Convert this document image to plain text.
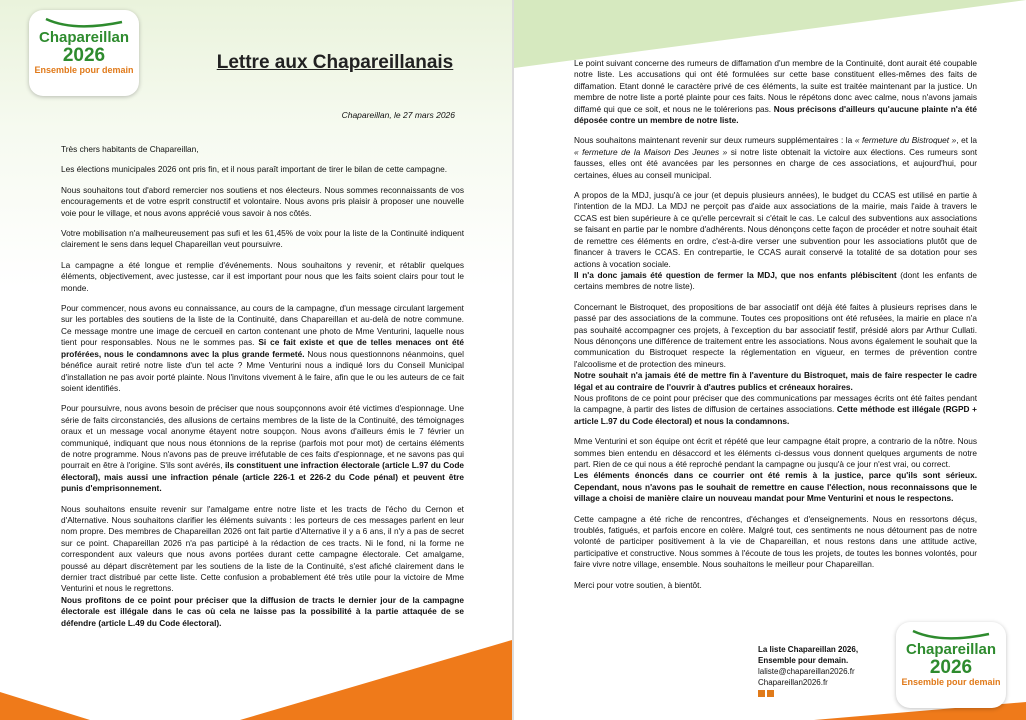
Chapareillan
2026
Ensemble pour demain	Lettre aux Chapareillanais
Chapareillan, le 27 mars 2026

Très chers habitants de Chapareillan,

Les élections municipales 2026 ont pris fin, et il nous paraît important de tirer le bilan de cette campagne.

Nous souhaitons tout d'abord remercier nos soutiens et nos électeurs. Nous sommes reconnaissants de vos encouragements et de votre esprit constructif et volontaire. Nous avons pris plaisir à proposer une nouvelle voie pour le village, et nous avons apprécié vous savoir à nos côtés.

Votre mobilisation n'a malheureusement pas sufi et les 61,45% de voix pour la liste de la Continuité indiquent clairement le sens dans lequel Chapareillan veut poursuivre.

La campagne a été longue et remplie d'événements. Nous souhaitons y revenir, et rétablir quelques éléments, objectivement, avec justesse, car il est important pour nous que les faits soient clairs pour tout le monde.

Pour commencer, nous avons eu connaissance, au cours de la campagne, d'un message circulant largement sur les portables des soutiens de la liste de la Continuité, dans Chapareillan et au-delà de notre commune. Ce message montre une image de cercueil en carton contenant une photo de Mme Venturini, laquelle nous tient pour responsables. Nous ne le sommes pas. Si ce fait existe et que de telles menaces ont été proférées, nous le condamnons avec la plus grande fermeté. Nous nous questionnons néanmoins, quel bénéfice aurait retiré notre liste d'un tel acte ? Mme Venturini nous a indiqué lors du Conseil Municipal d'installation ne pas avoir porté plainte. Nous l'invitons vivement à le faire, afin que le ou les auteurs de ce fait soient identifiés.

Pour poursuivre, nous avons besoin de préciser que nous soupçonnons avoir été victimes d'espionnage. Une série de faits circonstanciés, des allusions de certains membres de la liste de la Continuité, des témoignages oraux et un message vocal anonyme étayent notre soupçon. Nous avons d'ailleurs émis le 7 février un communiqué, indiquant que nous nous étonnions de la reprise (parfois mot pour mot) de certains éléments de notre programme. Nous n'avons pas de preuve irréfutable de ces faits d'espionnage, et ne savons pas qui pourrait en être à l'origine. S'ils sont avérés, ils constituent une infraction électorale (article L.97 du Code électoral), mais aussi une infraction pénale (article 226-1 et 226-2 du Code pénal) et peuvent être punis d'emprisonnement.

Nous souhaitons ensuite revenir sur l'amalgame entre notre liste et les tracts de l'écho du Cernon et d'Alternative. Nous souhaitons clarifier les éléments suivants : les porteurs de ces messages parlent en leur nom propre. Des membres de Chapareillan 2026 ont fait partie d'Alternative il y a 6 ans, il n'y a pas de secret sur ce point. Chapareillan 2026 n'a pas participé à la rédaction de ces tracts. Ni le fond, ni la forme ne correspondent aux valeurs que nous avons portées durant cette campagne électorale. Cet amalgame, poussé au départ discrètement par les soutiens de la liste de la Continuité, s'est afiché clairement dans le dernier tract distribué par cette liste. Cette confusion a probablement été très utile pour la victoire de Mme Venturini et nous le regrettons.
Nous profitons de ce point pour préciser que la diffusion de tracts le dernier jour de la campagne électorale est illégale dans le cas où cela ne laisse pas la possibilité à la partie attaquée de se défendre (article L.49 du Code électoral).

Le point suivant concerne des rumeurs de diffamation d'un membre de la Continuité, dont aurait été coupable notre liste. Les accusations qui ont été formulées sur cette base constituent elles-mêmes des faits de diffamation. Etant donné le caractère privé de ces éléments, la suite est traitée maintenant par la justice. Un membre de notre liste a porté plainte pour ces faits. Nous le répétons donc avec calme, nous n'avons jamais diffamé qui que ce soit, et nous ne le tolérerions pas. Nous précisons d'ailleurs qu'aucune plainte n'a été déposée contre un membre de notre liste.

Nous souhaitons maintenant revenir sur deux rumeurs supplémentaires : la « fermeture du Bistroquet », et la « fermeture de la Maison Des Jeunes » si notre liste obtenait la victoire aux élections. Ces rumeurs sont fausses, elles ont été avancées par les personnes en charge de ces associations, et aujourd'hui, pour certaines, élues au conseil municipal.

A propos de la MDJ, jusqu'à ce jour (et depuis plusieurs années), le budget du CCAS est utilisé en partie à l'intention de la MDJ. La MDJ ne perçoit pas d'aide aux associations de la mairie, mais l'aide à travers le CCAS est bien supérieure à ce qu'elle percevrait si c'était le cas. Le calcul des subventions aux associations se faisant en partie par le nombre d'adhérents. Nous dénonçons cette façon de procéder et notre souhait était de remettre ces éléments en ordre, c'est-à-dire verser une subvention pour les associations plutôt que de financer à travers le CCAS. En contrepartie, le CCAS aurait conservé la totalité de sa dotation pour ses actions à vocation sociale.
Il n'a donc jamais été question de fermer la MDJ, que nos enfants plébiscitent (dont les enfants de certains membres de notre liste).

Concernant le Bistroquet, des propositions de bar associatif ont déjà été faites à plusieurs reprises dans le passé par des associations de la commune. Toutes ces propositions ont été refusées, la mairie en place n'a pas souhaité accompagner ces projets, à l'exception du bar associatif festif, présidé alors par Arthur Cullati. Nous dénonçons une différence de traitement entre les associations. Nous avons également le souhait que la communication du Bistroquet respecte la réglementation en vigueur, en termes de prévention contre l'alcoolisme et de protection des mineurs.
Notre souhait n'a jamais été de mettre fin à l'aventure du Bistroquet, mais de faire respecter le cadre légal et au contraire de l'ouvrir à d'autres publics et créneaux horaires.
Nous profitons de ce point pour préciser que des communications par messages écrits ont été faites pendant la campagne, à partir des listes de diffusion de certaines associations. Cette méthode est illégale (RGPD + article L.97 du Code électoral) et nous la condamnons.

Mme Venturini et son équipe ont écrit et répété que leur campagne était propre, a contrario de la nôtre. Nous sommes bien entendu en désaccord et les éléments ci-dessus vous donnent quelques arguments de notre part. Rien de ce qui nous a été reproché pendant la campagne ou jusqu'à ce jour n'est vrai, ou correct.
Les éléments énoncés dans ce courrier ont été remis à la justice, parce qu'ils sont sérieux. Cependant, nous n'avons pas le souhait de remettre en cause l'élection, nous reconnaissons que le village a choisi de manière claire un nouveau mandat pour Mme Venturini et nous le respectons.

Cette campagne a été riche de rencontres, d'échanges et d'enseignements. Nous en ressortons déçus, troublés, fatigués, et parfois encore en colère. Malgré tout, ces sentiments ne nous détournent pas de notre volonté de participer positivement à la vie de Chapareillan, et nous restons dans une attitude active, participative et constructive. Nous sommes à l'écoute de tous les projets, de toutes les bonnes volontés, pour faire vivre notre village, ensemble. Nous souhaitons le meilleur pour Chapareillan.

Merci pour votre soutien, à bientôt.

La liste Chapareillan 2026,
Ensemble pour demain.
laliste@chapareillan2026.fr
Chapareillan2026.fr
Chapareillan
2026
Ensemble pour demain
